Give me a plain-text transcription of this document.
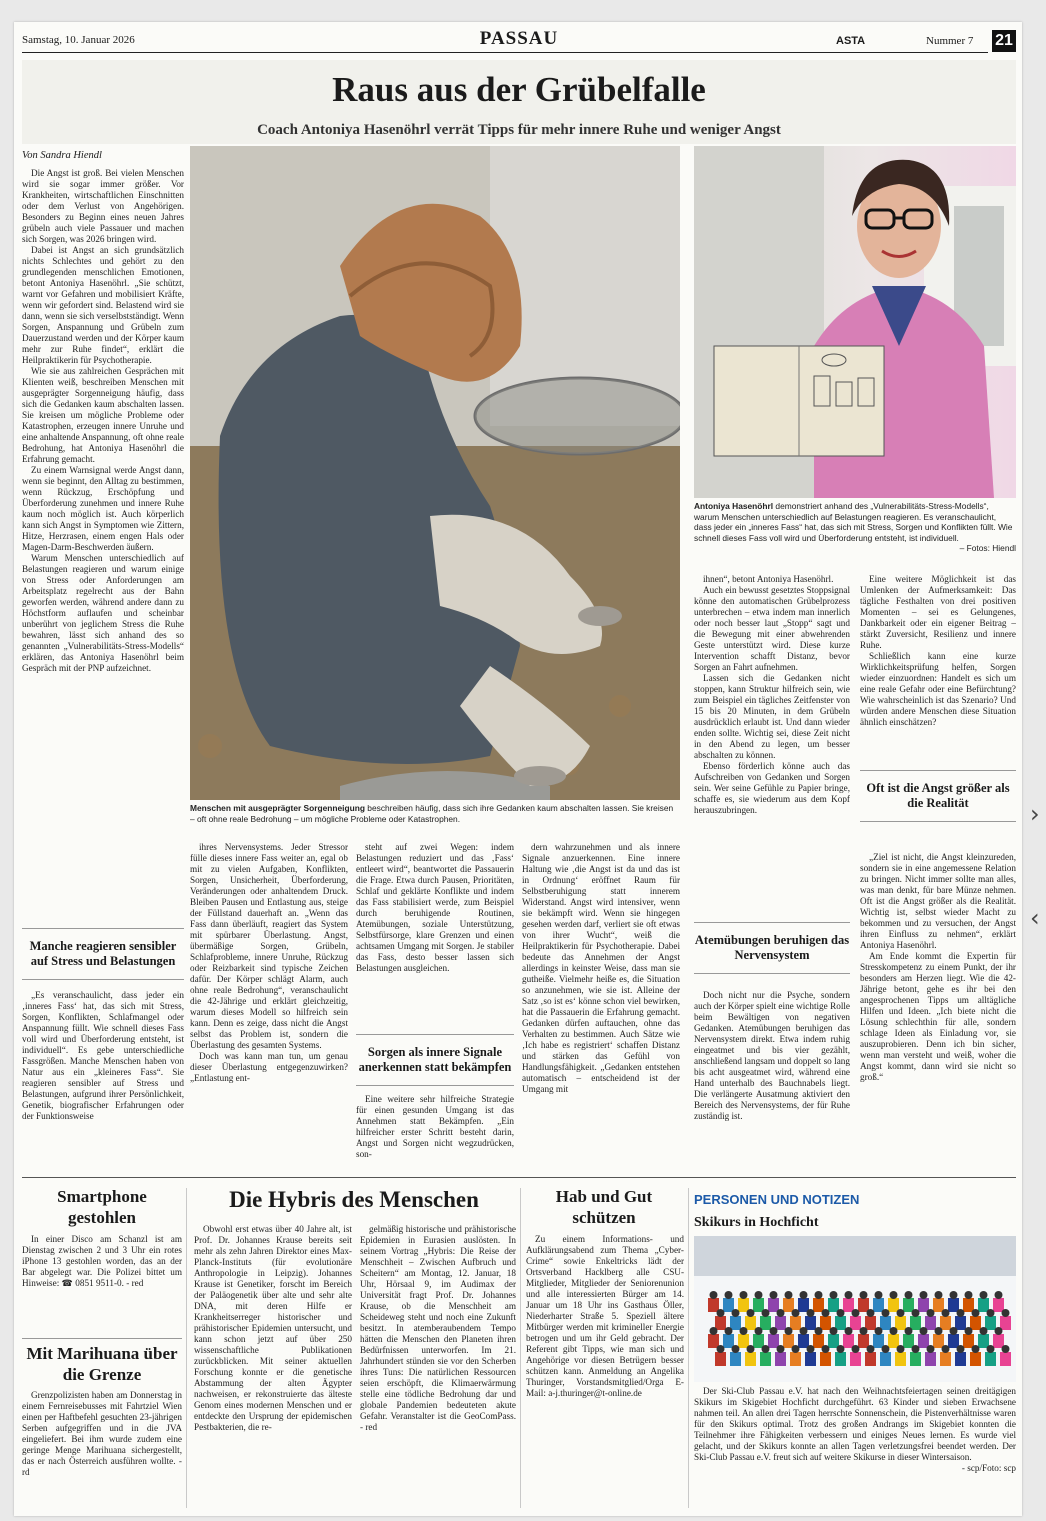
Samstag, 10. Januar 2026	PASSAU	ASTA	Nummer 7 21
Raus aus der Grübelfalle
Coach Antoniya Hasenöhrl verrät Tipps für mehr innere Ruhe und weniger Angst
Von Sandra Hiendl

Die Angst ist groß. Bei vielen Menschen wird sie sogar immer größer. Vor Krankheiten, wirtschaftlichen Einschnitten oder dem Verlust von Angehörigen. Besonders zu Beginn eines neuen Jahres grübeln auch viele Passauer und machen sich Sorgen, was 2026 bringen wird.

Dabei ist Angst an sich grundsätzlich nichts Schlechtes und gehört zu den grundlegenden menschlichen Emotionen, betont Antoniya Hasenöhrl. „Sie schützt, warnt vor Gefahren und mobilisiert Kräfte, wenn wir gefordert sind. Belastend wird sie dann, wenn sie sich verselbstständigt. Wenn Sorgen, Anspannung und Grübeln zum Dauerzustand werden und der Körper kaum mehr zur Ruhe findet“, erklärt die Heilpraktikerin für Psychotherapie.

Wie sie aus zahlreichen Gesprächen mit Klienten weiß, beschreiben Menschen mit ausgeprägter Sorgenneigung häufig, dass sich die Gedanken kaum abschalten lassen. Sie kreisen um mögliche Probleme oder Katastrophen, erzeugen innere Unruhe und eine anhaltende Anspannung, oft ohne reale Bedrohung, hat Antoniya Hasenöhrl die Erfahrung gemacht.

Zu einem Warnsignal werde Angst dann, wenn sie beginnt, den Alltag zu bestimmen, wenn Rückzug, Erschöpfung und Überforderung zunehmen und innere Ruhe kaum noch möglich ist. Auch körperlich kann sich Angst in Symptomen wie Zittern, Hitze, Herzrasen, einem engen Hals oder Magen-Darm-Beschwerden äußern.

Warum Menschen unterschiedlich auf Belastungen reagieren und warum einige von Stress oder Anforderungen am Arbeitsplatz regelrecht aus der Bahn geworfen werden, während andere dann zu Höchstform auflaufen und scheinbar unberührt von jeglichem Stress die Ruhe bewahren, lässt sich anhand des so genannten „Vulnerabilitäts-Stress-Modells“ erklären, das Antoniya Hasenöhrl beim Gespräch mit der PNP aufzeichnet.

Manche reagieren sensibler auf Stress und Belastungen

„Es veranschaulicht, dass jeder ein ‚inneres Fass‘ hat, das sich mit Stress, Sorgen, Konflikten, Schlafmangel oder Anspannung füllt. Wie schnell dieses Fass voll wird und Überforderung entsteht, ist individuell“. Es gebe unterschiedliche Fassgrößen. Manche Menschen haben von Natur aus ein „kleineres Fass“. Sie reagieren sensibler auf Stress und Belastungen, aufgrund ihrer Persönlichkeit, Genetik, biografischer Erfahrungen oder der Funktionsweise

Menschen mit ausgeprägter Sorgenneigung beschreiben häufig, dass sich ihre Gedanken kaum abschalten lassen. Sie kreisen – oft ohne reale Bedrohung – um mögliche Probleme oder Katastrophen.
Antoniya Hasenöhrl demonstriert anhand des „Vulnerabilitäts-Stress-Modells“, warum Menschen unterschiedlich auf Belastungen reagieren. Es veranschaulicht, dass jeder ein „inneres Fass“ hat, das sich mit Stress, Sorgen und Konflikten füllt. Wie schnell dieses Fass voll wird und Überforderung entsteht, ist individuell.
– Fotos: Hiendl

ihres Nervensystems. Jeder Stressor fülle dieses innere Fass weiter an, egal ob mit zu vielen Aufgaben, Konflikten, Sorgen, Unsicherheit, Überforderung, Veränderungen oder anhaltendem Druck. Bleiben Pausen und Entlastung aus, steige der Füllstand dauerhaft an. „Wenn das Fass dann überläuft, reagiert das System mit spürbarer Überlastung. Angst, übermäßige Sorgen, Grübeln, Schlafprobleme, innere Unruhe, Rückzug oder Reizbarkeit sind typische Zeichen dafür. Der Körper schlägt Alarm, auch ohne reale Bedrohung“, veranschaulicht die 42-Jährige und erklärt gleichzeitig, warum dieses Modell so hilfreich sein kann. Denn es zeige, dass nicht die Angst selbst das Problem ist, sondern die Überlastung des gesamten Systems.

Doch was kann man tun, um genau dieser Überlastung entgegenzuwirken? „Entlastung ent-

steht auf zwei Wegen: indem Belastungen reduziert und das ‚Fass‘ entleert wird“, beantwortet die Passauerin die Frage. Etwa durch Pausen, Prioritäten, Schlaf und geklärte Konflikte und indem das Fass stabilisiert werde, zum Beispiel durch beruhigende Routinen, Atemübungen, soziale Unterstützung, Selbstfürsorge, klare Grenzen und einen achtsamen Umgang mit Sorgen. Je stabiler das Fass, desto besser lassen sich Belastungen ausgleichen.

Sorgen als innere Signale anerkennen statt bekämpfen

Eine weitere sehr hilfreiche Strategie für einen gesunden Umgang ist das Annehmen statt Bekämpfen. „Ein hilfreicher erster Schritt besteht darin, Angst und Sorgen nicht wegzudrücken, son-

dern wahrzunehmen und als innere Signale anzuerkennen. Eine innere Haltung wie ‚die Angst ist da und das ist in Ordnung‘ eröffnet Raum für Selbstberuhigung statt innerem Widerstand. Angst wird intensiver, wenn sie bekämpft wird. Wenn sie hingegen gesehen werden darf, verliert sie oft etwas von ihrer Wucht“, weiß die Heilpraktikerin für Psychotherapie. Dabei bedeute das Annehmen der Angst allerdings in keinster Weise, dass man sie gutheiße. Vielmehr heiße es, die Situation so anzunehmen, wie sie ist. Alleine der Satz ‚so ist es‘ könne schon viel bewirken, hat die Passauerin die Erfahrung gemacht. Gedanken dürfen auftauchen, ohne das Verhalten zu bestimmen. Auch Sätze wie ‚Ich habe es registriert‘ schaffen Distanz und stärken das Gefühl von Handlungsfähigkeit. „Gedanken entstehen automatisch – entscheidend ist der Umgang mit

ihnen“, betont Antoniya Hasenöhrl.

Auch ein bewusst gesetztes Stoppsignal könne den automatischen Grübelprozess unterbrechen – etwa indem man innerlich oder noch besser laut „Stopp“ sagt und die Bewegung mit einer abwehrenden Geste unterstützt wird. Diese kurze Intervention schafft Distanz, bevor Sorgen an Fahrt aufnehmen.

Lassen sich die Gedanken nicht stoppen, kann Struktur hilfreich sein, wie zum Beispiel ein tägliches Zeitfenster von 15 bis 20 Minuten, in dem Grübeln ausdrücklich erlaubt ist. Und dann wieder enden sollte. Wichtig sei, diese Zeit nicht in den Abend zu legen, um besser abschalten zu können.

Ebenso förderlich könne auch das Aufschreiben von Gedanken und Sorgen sein. Wer seine Gefühle zu Papier bringe, schaffe es, sie wiederum aus dem Kopf herauszubringen.

Atemübungen beruhigen das Nervensystem

Doch nicht nur die Psyche, sondern auch der Körper spielt eine wichtige Rolle beim Bewältigen von negativen Gedanken. Atemübungen beruhigen das Nervensystem direkt. Etwa indem ruhig eingeatmet und bis vier gezählt, anschließend langsam und doppelt so lang bis acht ausgeatmet wird, während eine Hand unterhalb des Bauchnabels liegt. Die verlängerte Ausatmung aktiviert den Bereich des Nervensystems, der für Ruhe zuständig ist.

Eine weitere Möglichkeit ist das Umlenken der Aufmerksamkeit: Das tägliche Festhalten von drei positiven Momenten – sei es Gelungenes, Dankbarkeit oder ein eigener Beitrag – stärkt Zuversicht, Resilienz und innere Ruhe.

Schließlich kann eine kurze Wirklichkeitsprüfung helfen, Sorgen wieder einzuordnen: Handelt es sich um eine reale Gefahr oder eine Befürchtung? Wie wahrscheinlich ist das Szenario? Und würden andere Menschen diese Situation ähnlich einschätzen?

Oft ist die Angst größer als die Realität

„Ziel ist nicht, die Angst kleinzureden, sondern sie in eine angemessene Relation zu bringen. Nicht immer sollte man alles, was man denkt, für bare Münze nehmen. Oft ist die Angst größer als die Realität. Wichtig ist, selbst wieder Macht zu bekommen und zu versuchen, der Angst ihren Einfluss zu nehmen“, erklärt Antoniya Hasenöhrl.

Am Ende kommt die Expertin für Stresskompetenz zu einem Punkt, der ihr besonders am Herzen liegt. Wie die 42-Jährige betont, gehe es ihr bei den angesprochenen Tipps um alltägliche Hilfen und Ideen. „Ich biete nicht die Lösung schlechthin für alle, sondern schlage Ideen als Einladung vor, sie auszuprobieren. Denn ich bin sicher, wenn man versteht und weiß, woher die Angst kommt, dann wird sie nicht so groß.“

Smartphone gestohlen

In einer Disco am Schanzl ist am Dienstag zwischen 2 und 3 Uhr ein rotes iPhone 13 gestohlen worden, das an der Bar abgelegt war. Die Polizei bittet um Hinweise: ☎ 0851 9511-0. - red

Mit Marihuana über die Grenze

Grenzpolizisten haben am Donnerstag in einem Fernreisebusses mit Fahrtziel Wien einen per Haftbefehl gesuchten 23-jährigen Serben aufgegriffen und in die JVA eingeliefert. Bei ihm wurde zudem eine geringe Menge Marihuana sichergestellt, das er nach Österreich ausführen wollte. - rd

Die Hybris des Menschen

Obwohl erst etwas über 40 Jahre alt, ist Prof. Dr. Johannes Krause bereits seit mehr als zehn Jahren Direktor eines Max-Planck-Instituts (für evolutionäre Anthropologie in Leipzig). Johannes Krause ist Genetiker, forscht im Bereich der Paläogenetik über alte und sehr alte DNA, mit deren Hilfe er Krankheitserreger historischer und prähistorischer Epidemien untersucht, und kann schon jetzt auf über 250 wissenschaftliche Publikationen zurückblicken. Mit seiner aktuellen Forschung konnte er die genetische Abstammung der alten Ägypter nachweisen, er rekonstruierte das älteste Genom eines modernen Menschen und er entdeckte den Ursprung der epidemischen Pestbakterien, die re-

gelmäßig historische und prähistorische Epidemien in Eurasien auslösten. In seinem Vortrag „Hybris: Die Reise der Menschheit – Zwischen Aufbruch und Scheitern“ am Montag, 12. Januar, 18 Uhr, Hörsaal 9, im Audimax der Universität fragt Prof. Dr. Johannes Krause, ob die Menschheit am Scheideweg steht und noch eine Zukunft besitzt. In atemberaubendem Tempo hätten die Menschen den Planeten ihren Bedürfnissen unterworfen. Im 21. Jahrhundert stünden sie vor den Scherben ihres Tuns: Die natürlichen Ressourcen seien erschöpft, die Klimaerwärmung stelle eine tödliche Bedrohung dar und globale Pandemien bedeuteten akute Gefahr. Veranstalter ist die GeoComPass. - red

Hab und Gut schützen

Zu einem Informations- und Aufklärungsabend zum Thema „Cyber-Crime“ sowie Enkeltricks lädt der Ortsverband Hacklberg alle CSU-Mitglieder, Mitglieder der Seniorenunion und alle interessierten Bürger am 14. Januar um 18 Uhr ins Gasthaus Öller, Niederharter Straße 5. Speziell ältere Mitbürger werden mit krimineller Energie betrogen und um ihr Geld gebracht. Der Referent gibt Tipps, wie man sich und Angehörige vor diesen Betrügern besser schützen kann. Anmeldung an Angelika Thuringer, Vorstandsmitglied/Orga E-Mail: a-j.thuringer@t-online.de

PERSONEN UND NOTIZEN
Skikurs in Hochficht

Der Ski-Club Passau e.V. hat nach den Weihnachtsfeiertagen seinen dreitägigen Skikurs im Skigebiet Hochficht durchgeführt. 63 Kinder und sieben Erwachsene nahmen teil. An allen drei Tagen herrschte Sonnenschein, die Pistenverhältnisse waren für den Skikurs optimal. Trotz des großen Andrangs im Skigebiet konnten die Teilnehmer ihre Fähigkeiten verbessern und einiges Neues lernen. Es wurde viel gelacht, und der Skikurs konnte an allen Tagen verletzungsfrei beendet werden. Der Ski-Club Passau e.V. freut sich auf weitere Skikurse in dieser Wintersaison.

- scp/Foto: scp

›
‹
